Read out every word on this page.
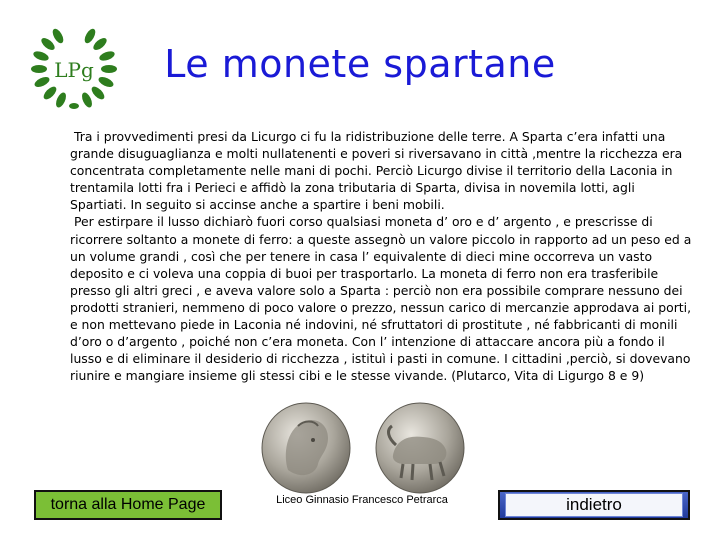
LPg	Le monete spartane

Tra i provvedimenti presi da Licurgo ci fu la ridistribuzione delle terre. A Sparta c’era infatti una grande disuguaglianza e molti nullatenenti e poveri si riversavano in città ,mentre la ricchezza era concentrata completamente nelle mani di pochi. Perciò Licurgo divise il territorio della Laconia in trentamila lotti fra i Perieci e affidò la zona tributaria di Sparta, divisa in novemila lotti, agli Spartiati. In seguito si accinse anche a spartire i beni mobili.

Per estirpare il lusso dichiarò fuori corso qualsiasi moneta d’ oro e d’ argento , e prescrisse di ricorrere soltanto a monete di ferro: a queste assegnò un valore piccolo in rapporto ad un peso ed a un volume grandi , così che per tenere in casa l’ equivalente di dieci mine occorreva un vasto deposito e ci voleva una coppia di buoi per trasportarlo. La moneta di ferro non era trasferibile presso gli altri greci , e aveva valore solo a Sparta : perciò non era possibile comprare nessuno dei prodotti stranieri, nemmeno di poco valore o prezzo, nessun carico di mercanzie approdava ai porti, e non mettevano piede in Laconia né indovini, né sfruttatori di prostitute , né fabbricanti di monili d’oro o d’argento , poiché non c’era moneta. Con l’ intenzione di attaccare ancora più a fondo il lusso e di eliminare il desiderio di ricchezza , istituì i pasti in comune. I cittadini ,perciò, si dovevano riunire e mangiare insieme gli stessi cibi e le stesse vivande. (Plutarco, Vita di Ligurgo 8 e 9)

torna alla Home Page	Liceo Ginnasio Francesco Petrarca	indietro
